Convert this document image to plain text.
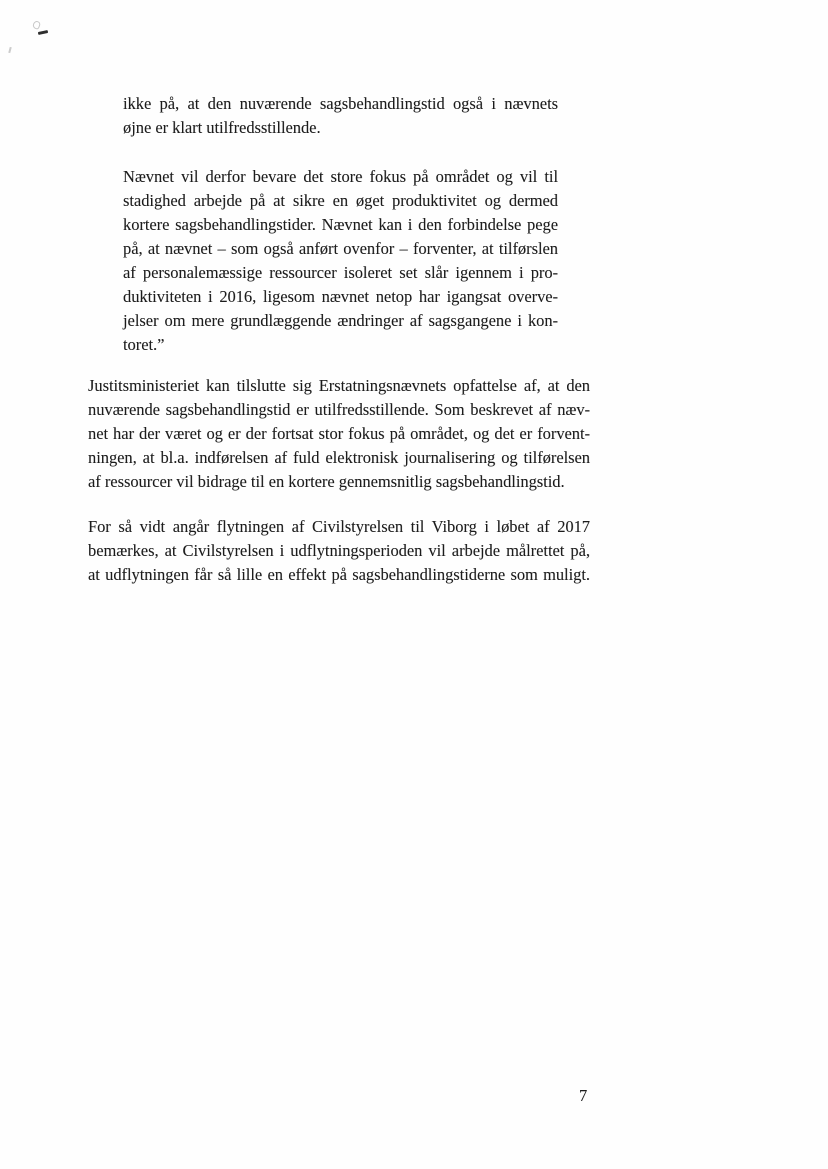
ikke på, at den nuværende sagsbehandlingstid også i nævnets
øjne er klart utilfredsstillende.
Nævnet vil derfor bevare det store fokus på området og vil til
stadighed arbejde på at sikre en øget produktivitet og dermed
kortere sagsbehandlingstider. Nævnet kan i den forbindelse pege
på, at nævnet – som også anført ovenfor – forventer, at tilførslen
af personalemæssige ressourcer isoleret set slår igennem i pro-
duktiviteten i 2016, ligesom nævnet netop har igangsat overve-
jelser om mere grundlæggende ændringer af sagsgangene i kon-
toret.”
Justitsministeriet kan tilslutte sig Erstatningsnævnets opfattelse af, at den
nuværende sagsbehandlingstid er utilfredsstillende. Som beskrevet af næv-
net har der været og er der fortsat stor fokus på området, og det er forvent-
ningen, at bl.a. indførelsen af fuld elektronisk journalisering og tilførelsen
af ressourcer vil bidrage til en kortere gennemsnitlig sagsbehandlingstid.
For så vidt angår flytningen af Civilstyrelsen til Viborg i løbet af 2017
bemærkes, at Civilstyrelsen i udflytningsperioden vil arbejde målrettet på,
at udflytningen får så lille en effekt på sagsbehandlingstiderne som muligt.
7
